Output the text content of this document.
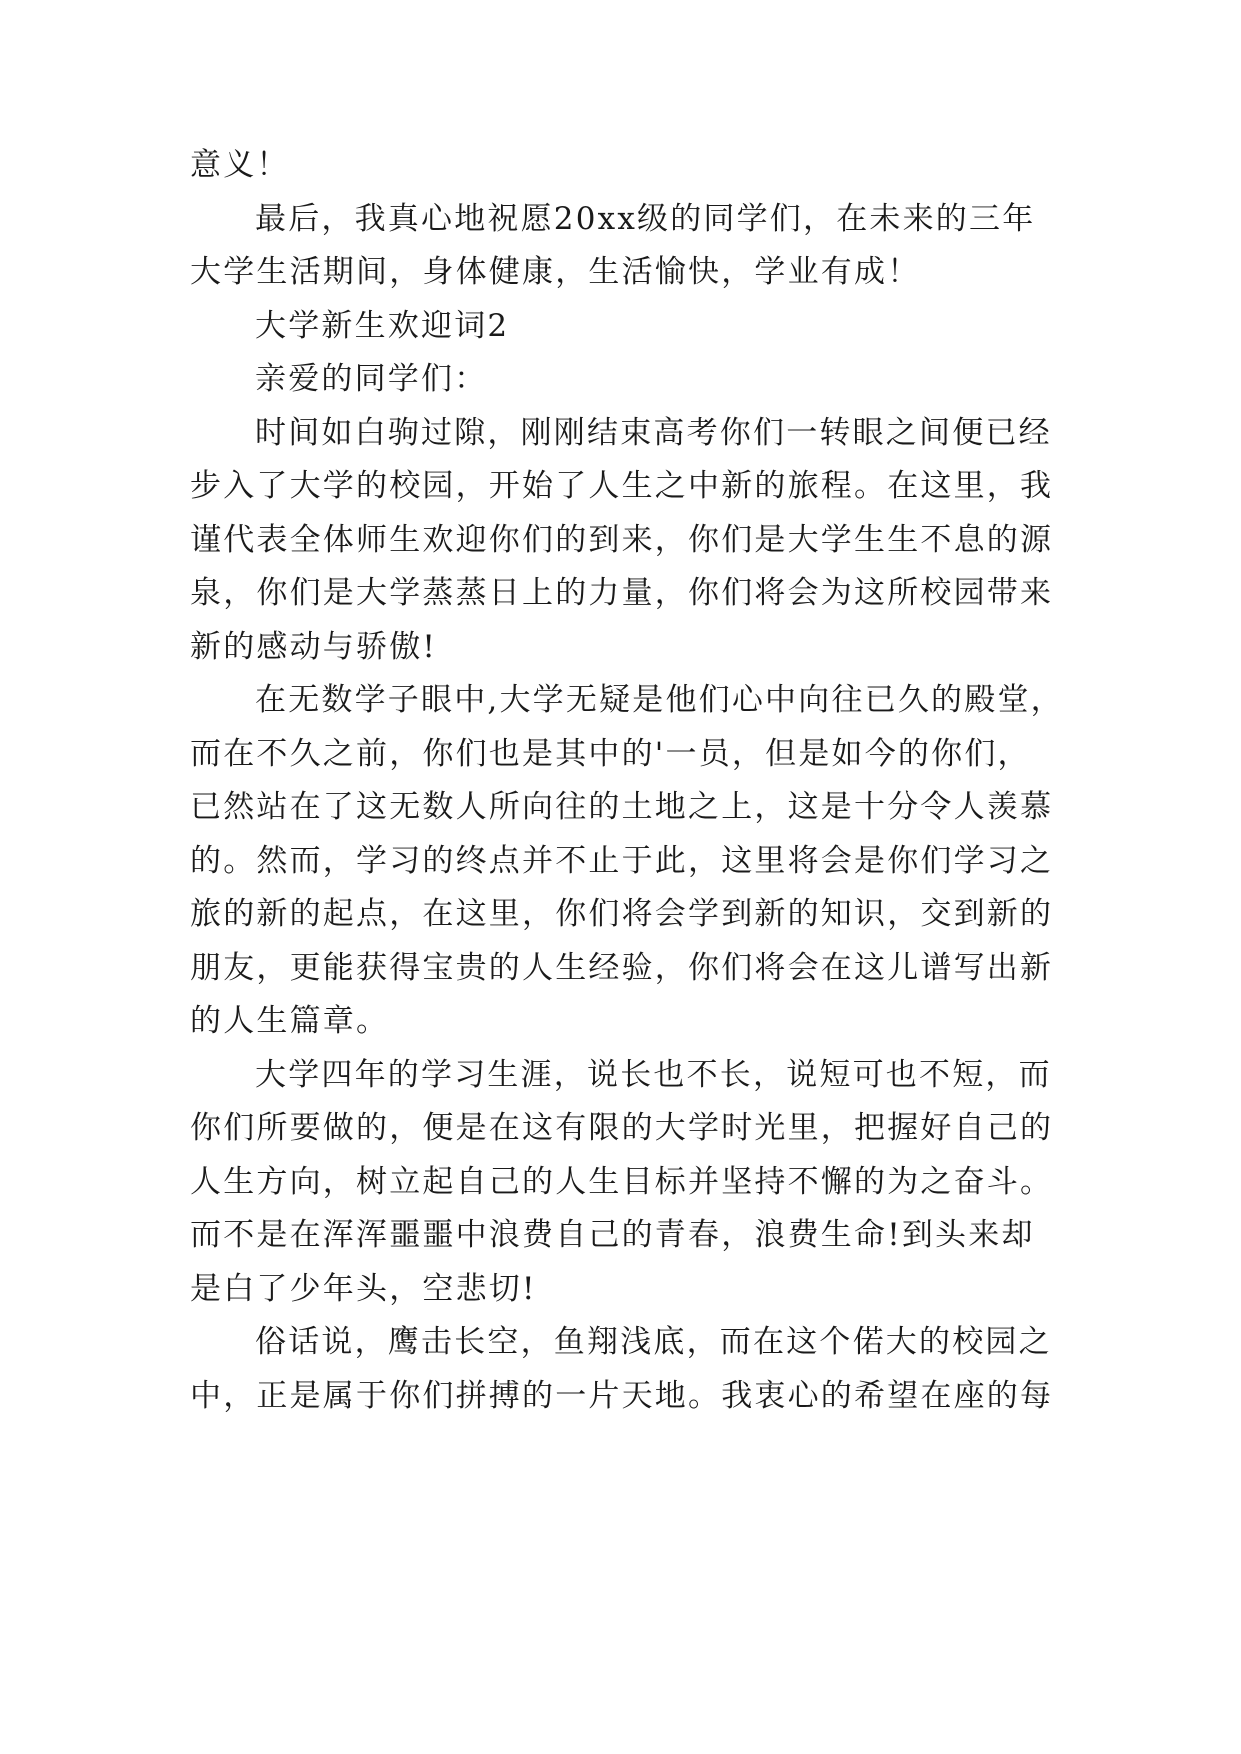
意义！
最后，我真心地祝愿20xx级的同学们，在未来的三年
大学生活期间，身体健康，生活愉快，学业有成！
大学新生欢迎词2
亲爱的同学们：
时间如白驹过隙，刚刚结束高考你们一转眼之间便已经
步入了大学的校园，开始了人生之中新的旅程。在这里，我
谨代表全体师生欢迎你们的到来，你们是大学生生不息的源
泉，你们是大学蒸蒸日上的力量，你们将会为这所校园带来
新的感动与骄傲!
在无数学子眼中,大学无疑是他们心中向往已久的殿堂，
而在不久之前，你们也是其中的'一员，但是如今的你们，
已然站在了这无数人所向往的土地之上，这是十分令人羡慕
的。然而，学习的终点并不止于此，这里将会是你们学习之
旅的新的起点，在这里，你们将会学到新的知识，交到新的
朋友，更能获得宝贵的人生经验，你们将会在这儿谱写出新
的人生篇章。
大学四年的学习生涯，说长也不长，说短可也不短，而
你们所要做的，便是在这有限的大学时光里，把握好自己的
人生方向，树立起自己的人生目标并坚持不懈的为之奋斗。
而不是在浑浑噩噩中浪费自己的青春，浪费生命!到头来却
是白了少年头，空悲切!
俗话说，鹰击长空，鱼翔浅底，而在这个偌大的校园之
中，正是属于你们拼搏的一片天地。我衷心的希望在座的每
